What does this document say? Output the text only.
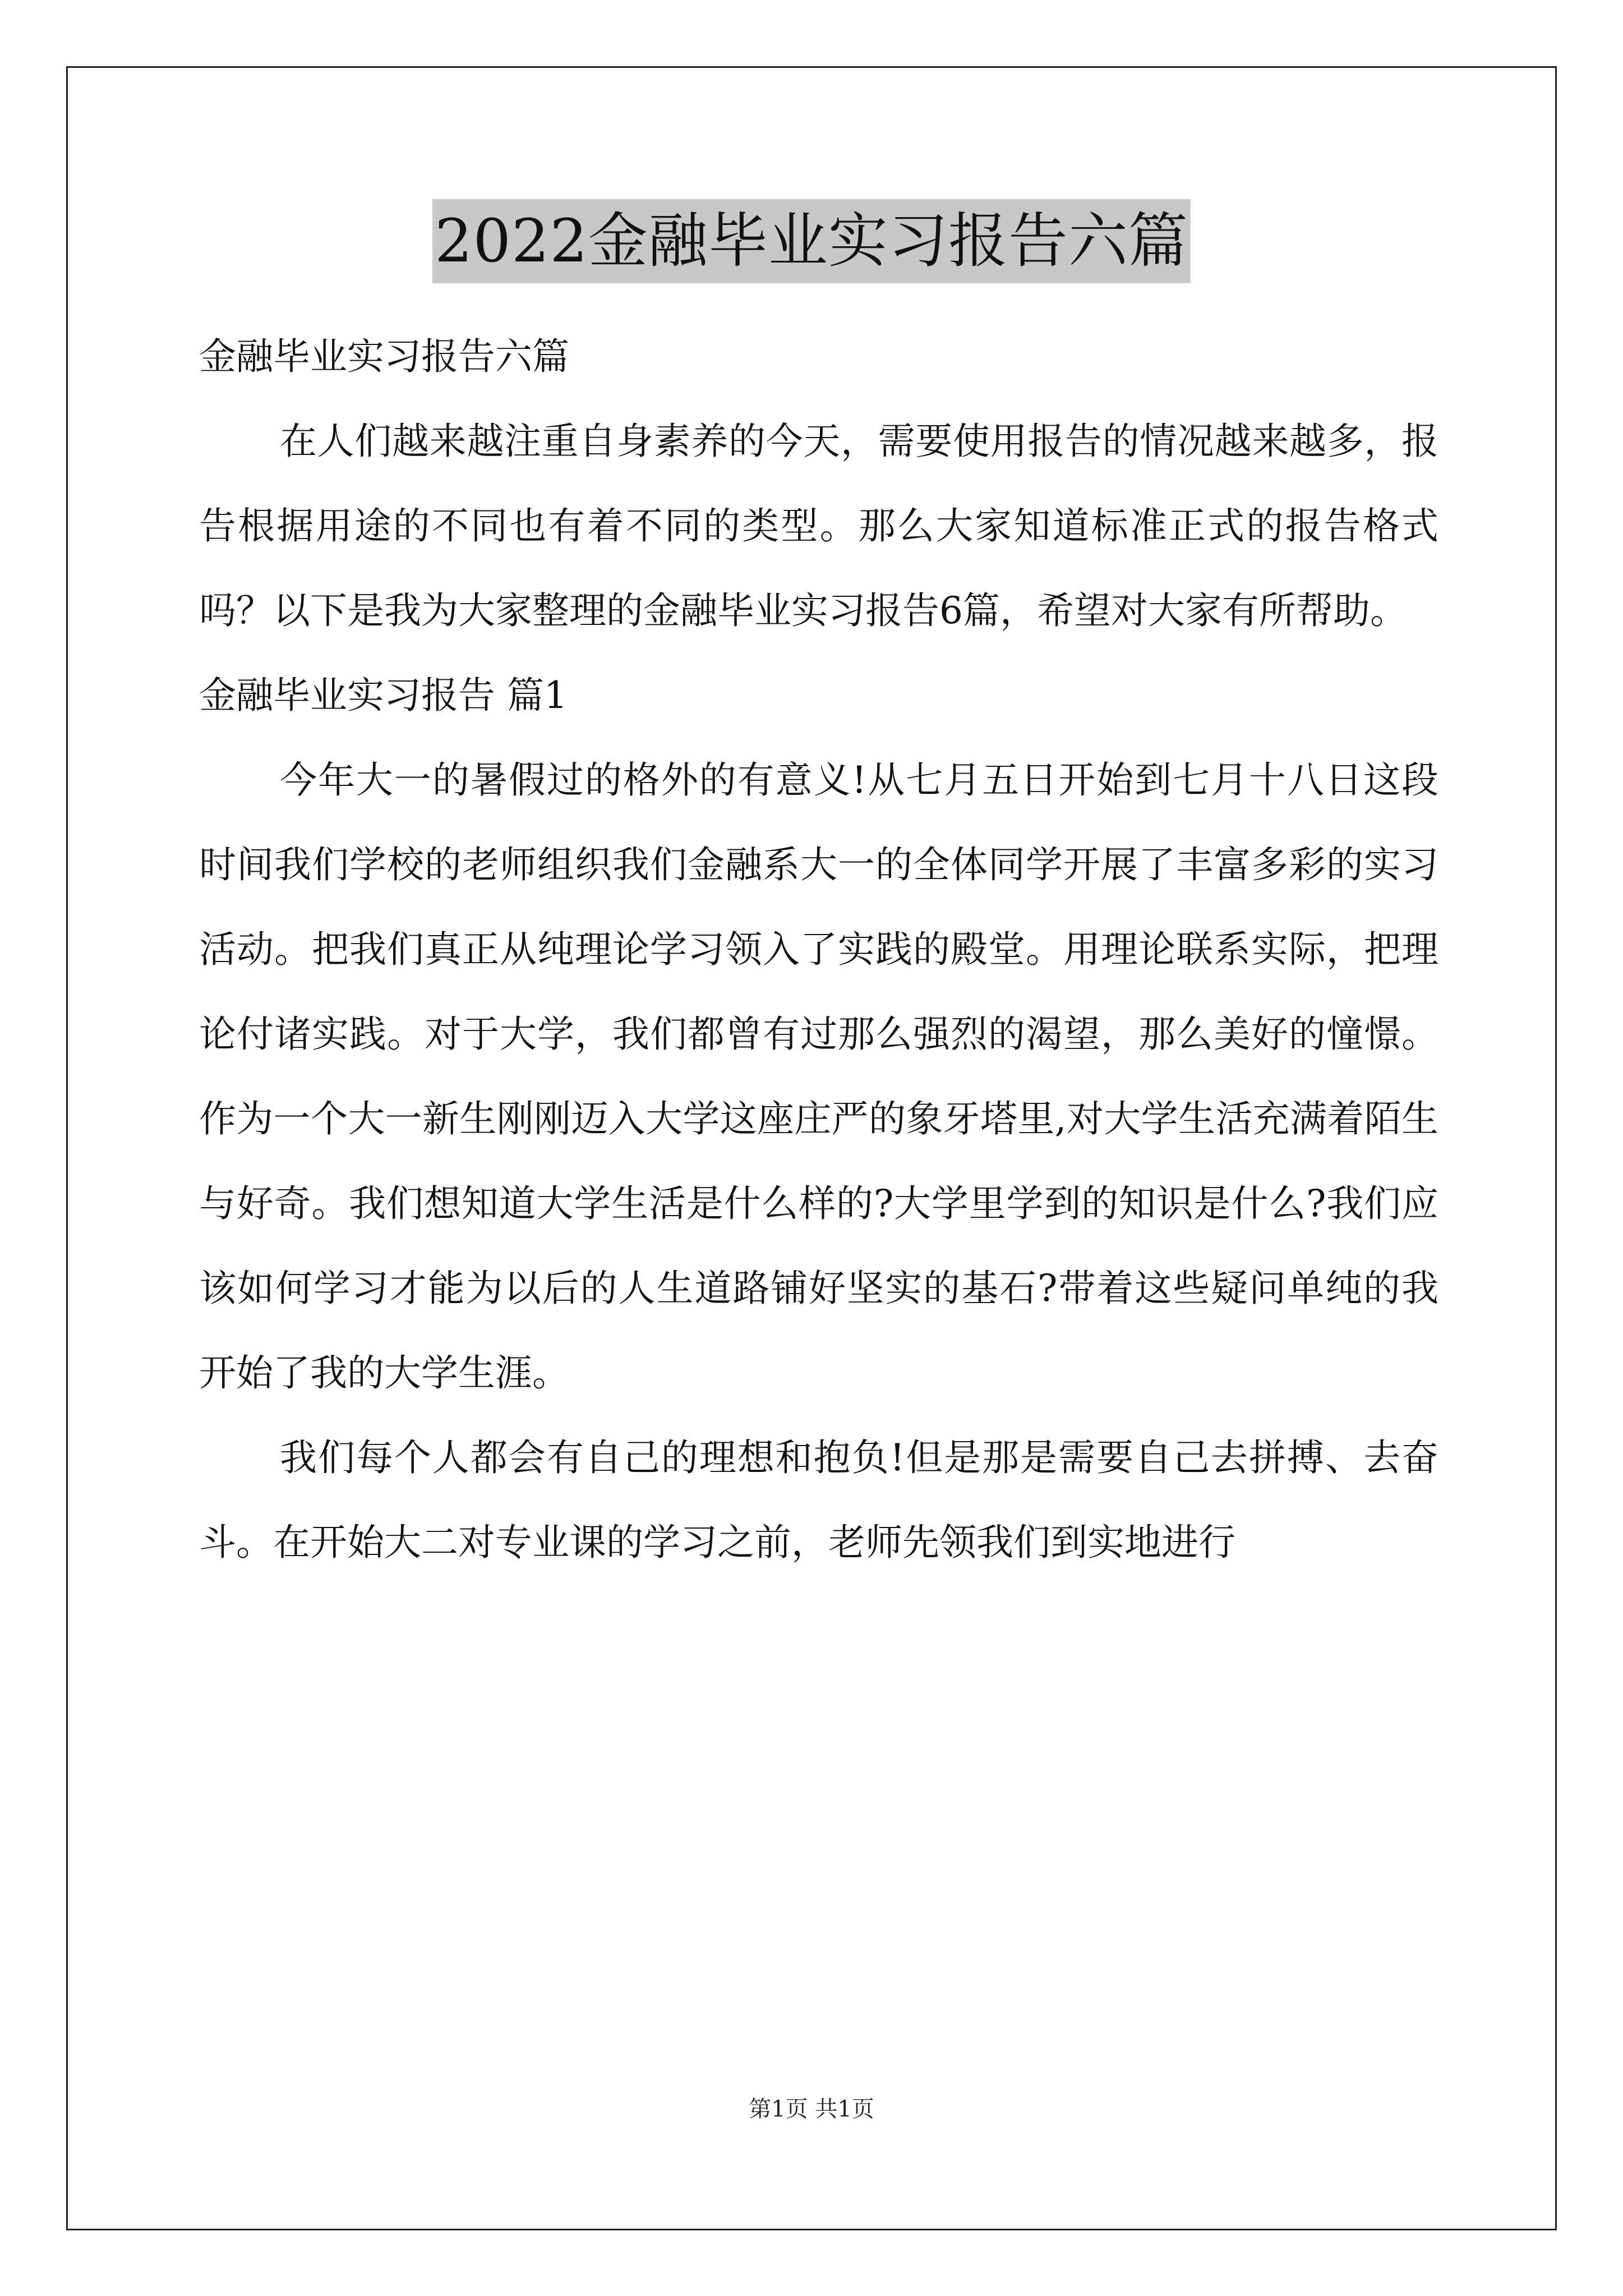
2022金融毕业实习报告六篇

金融毕业实习报告六篇

在人们越来越注重自身素养的今天，需要使用报告的情况越来越多，报告根据用途的不同也有着不同的类型。那么大家知道标准正式的报告格式吗？以下是我为大家整理的金融毕业实习报告6篇，希望对大家有所帮助。

金融毕业实习报告 篇1

今年大一的暑假过的格外的有意义!从七月五日开始到七月十八日这段时间我们学校的老师组织我们金融系大一的全体同学开展了丰富多彩的实习活动。把我们真正从纯理论学习领入了实践的殿堂。用理论联系实际，把理论付诸实践。对于大学，我们都曾有过那么强烈的渴望，那么美好的憧憬。作为一个大一新生刚刚迈入大学这座庄严的象牙塔里,对大学生活充满着陌生与好奇。我们想知道大学生活是什么样的?大学里学到的知识是什么?我们应该如何学习才能为以后的人生道路铺好坚实的基石?带着这些疑问单纯的我开始了我的大学生涯。

我们每个人都会有自己的理想和抱负!但是那是需要自己去拼搏、去奋斗。在开始大二对专业课的学习之前，老师先领我们到实地进行

第1页 共1页
